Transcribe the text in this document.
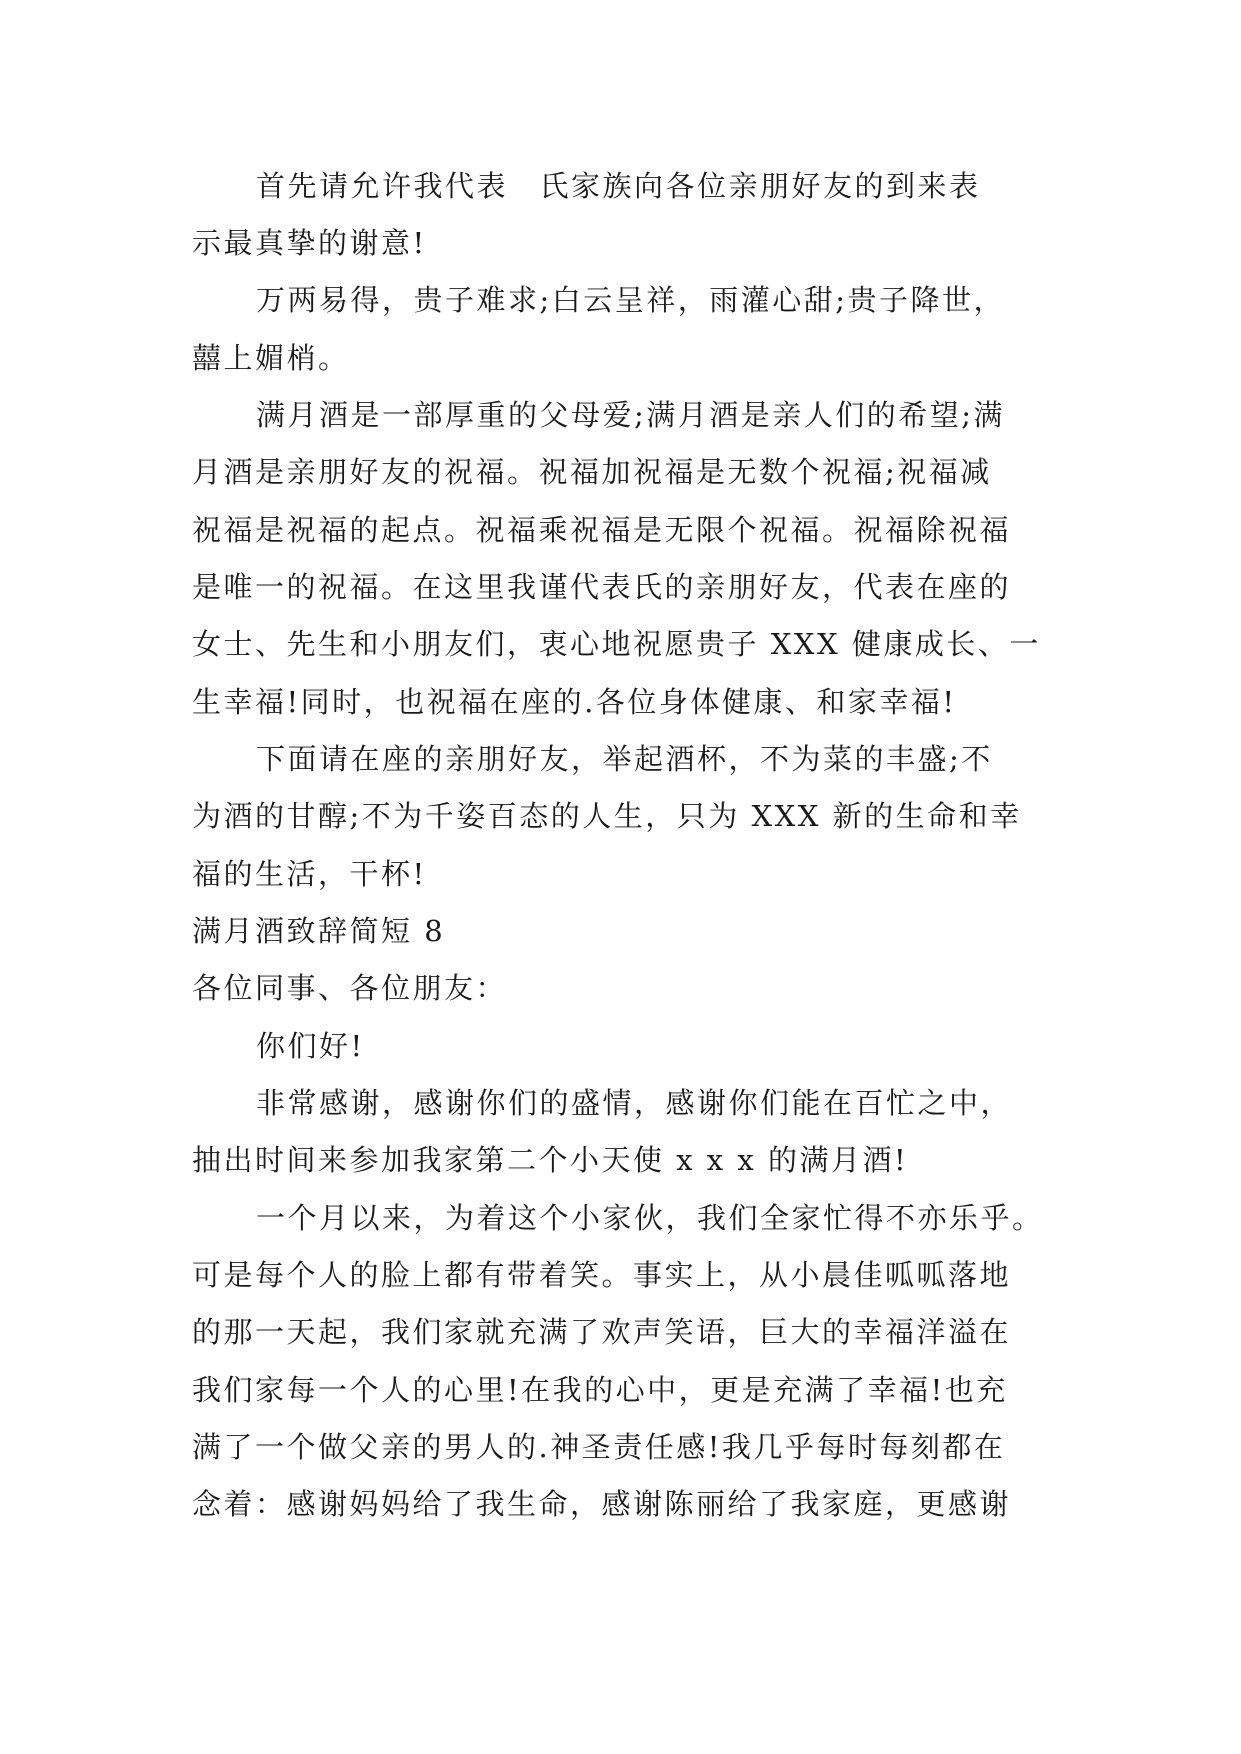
首先请允许我代表　氏家族向各位亲朋好友的到来表
示最真挚的谢意!
万两易得，贵子难求;白云呈祥，雨灌心甜;贵子降世，
囍上媚梢。
满月酒是一部厚重的父母爱;满月酒是亲人们的希望;满
月酒是亲朋好友的祝福。祝福加祝福是无数个祝福;祝福减
祝福是祝福的起点。祝福乘祝福是无限个祝福。祝福除祝福
是唯一的祝福。在这里我谨代表氏的亲朋好友，代表在座的
女士、先生和小朋友们，衷心地祝愿贵子 XXX 健康成长、一
生幸福!同时，也祝福在座的.各位身体健康、和家幸福!
下面请在座的亲朋好友，举起酒杯，不为菜的丰盛;不
为酒的甘醇;不为千姿百态的人生，只为 XXX 新的生命和幸
福的生活，干杯!
满月酒致辞简短 8
各位同事、各位朋友：
你们好!
非常感谢，感谢你们的盛情，感谢你们能在百忙之中，
抽出时间来参加我家第二个小天使 x x x 的满月酒!
一个月以来，为着这个小家伙，我们全家忙得不亦乐乎。
可是每个人的脸上都有带着笑。事实上，从小晨佳呱呱落地
的那一天起，我们家就充满了欢声笑语，巨大的幸福洋溢在
我们家每一个人的心里!在我的心中，更是充满了幸福!也充
满了一个做父亲的男人的.神圣责任感!我几乎每时每刻都在
念着：感谢妈妈给了我生命，感谢陈丽给了我家庭，更感谢
